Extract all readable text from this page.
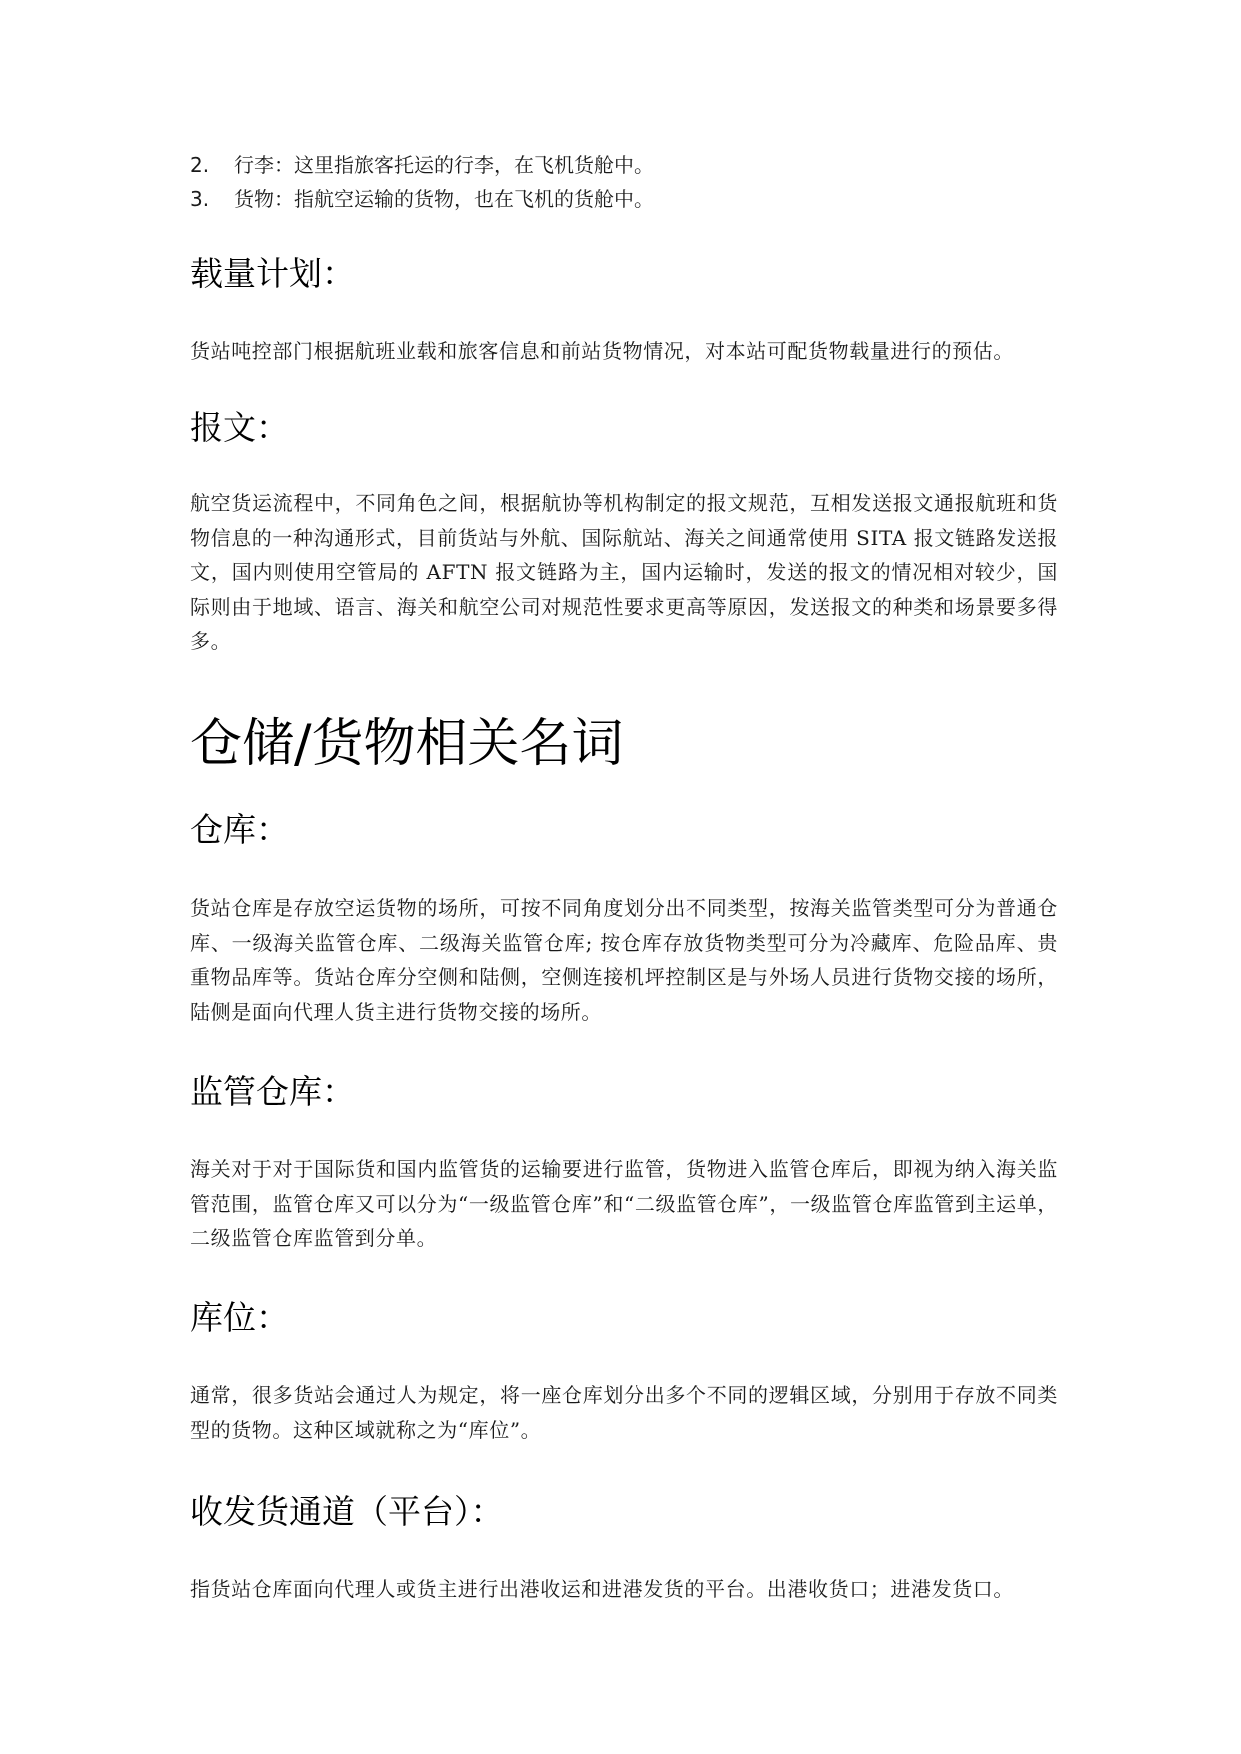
2.	行李：这里指旅客托运的行李，在飞机货舱中。
3.	货物：指航空运输的货物，也在飞机的货舱中。
载量计划：

货站吨控部门根据航班业载和旅客信息和前站货物情况，对本站可配货物载量进行的预估。

报文：

航空货运流程中，不同角色之间，根据航协等机构制定的报文规范，互相发送报文通报航班和货物信息的一种沟通形式，目前货站与外航、国际航站、海关之间通常使用 SITA 报文链路发送报文，国内则使用空管局的 AFTN 报文链路为主，国内运输时，发送的报文的情况相对较少，国际则由于地域、语言、海关和航空公司对规范性要求更高等原因，发送报文的种类和场景要多得多。

仓储/货物相关名词
仓库：

货站仓库是存放空运货物的场所，可按不同角度划分出不同类型，按海关监管类型可分为普通仓库、一级海关监管仓库、二级海关监管仓库; 按仓库存放货物类型可分为冷藏库、危险品库、贵重物品库等。货站仓库分空侧和陆侧，空侧连接机坪控制区是与外场人员进行货物交接的场所，陆侧是面向代理人货主进行货物交接的场所。

监管仓库：

海关对于对于国际货和国内监管货的运输要进行监管，货物进入监管仓库后，即视为纳入海关监管范围，监管仓库又可以分为“一级监管仓库”和“二级监管仓库”，一级监管仓库监管到主运单，二级监管仓库监管到分单。

库位：

通常，很多货站会通过人为规定，将一座仓库划分出多个不同的逻辑区域，分别用于存放不同类型的货物。这种区域就称之为“库位”。

收发货通道（平台）：

指货站仓库面向代理人或货主进行出港收运和进港发货的平台。出港收货口；进港发货口。
